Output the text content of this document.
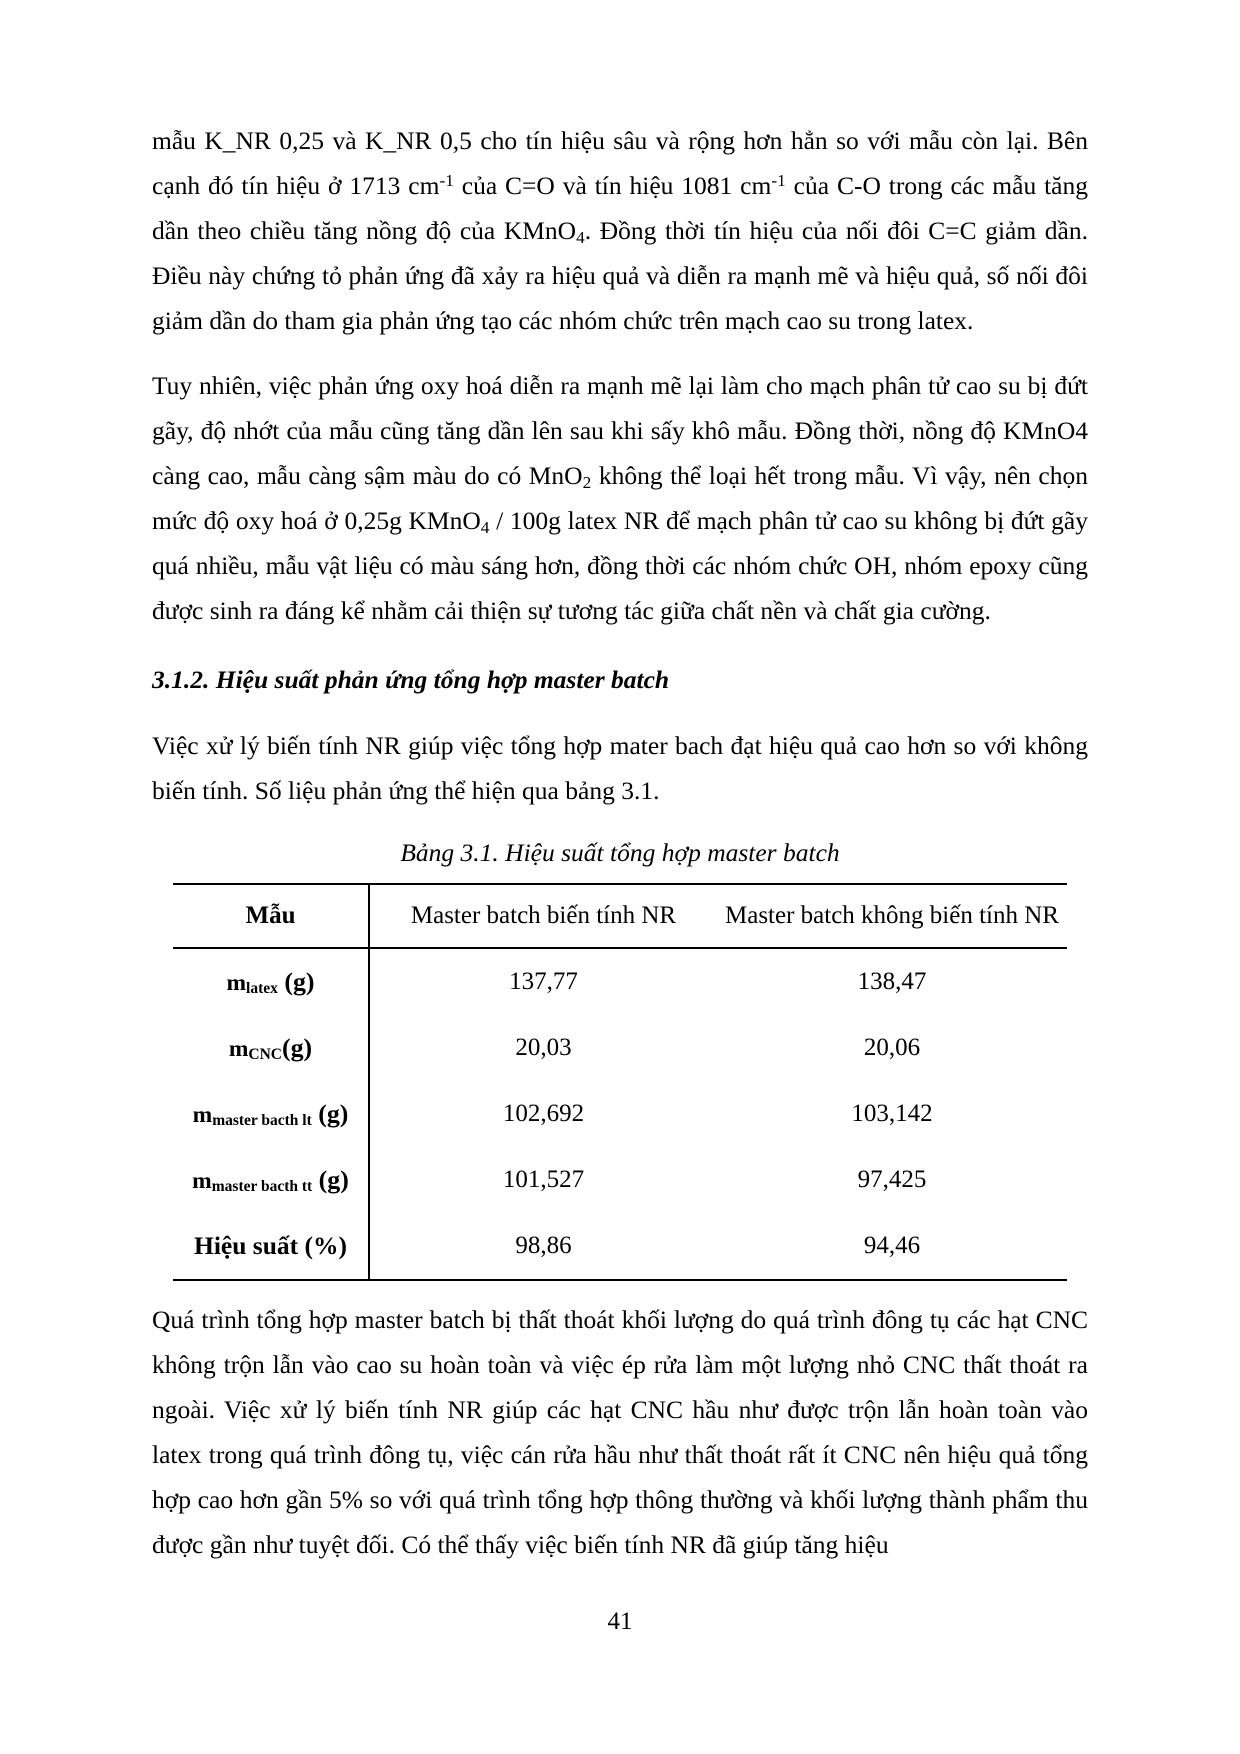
mẫu K_NR 0,25 và K_NR 0,5 cho tín hiệu sâu và rộng hơn hẳn so với mẫu còn lại. Bên cạnh đó tín hiệu ở 1713 $cm^{-1}$ của C=O và tín hiệu 1081 $cm^{-1}$ của C-O trong các mẫu tăng dần theo chiều tăng nồng độ của KMnO$_4$. Đồng thời tín hiệu của nối đôi C=C giảm dần. Điều này chứng tỏ phản ứng đã xảy ra hiệu quả và diễn ra mạnh mẽ và hiệu quả, số nối đôi giảm dần do tham gia phản ứng tạo các nhóm chức trên mạch cao su trong latex.

Tuy nhiên, việc phản ứng oxy hoá diễn ra mạnh mẽ lại làm cho mạch phân tử cao su bị đứt gãy, độ nhớt của mẫu cũng tăng dần lên sau khi sấy khô mẫu. Đồng thời, nồng độ KMnO4 càng cao, mẫu càng sậm màu do có MnO$_2$ không thể loại hết trong mẫu. Vì vậy, nên chọn mức độ oxy hoá ở 0,25g KMnO$_4$ / 100g latex NR để mạch phân tử cao su không bị đứt gãy quá nhiều, mẫu vật liệu có màu sáng hơn, đồng thời các nhóm chức OH, nhóm epoxy cũng được sinh ra đáng kể nhằm cải thiện sự tương tác giữa chất nền và chất gia cường.

3.1.2. Hiệu suất phản ứng tổng hợp master batch

Việc xử lý biến tính NR giúp việc tổng hợp mater bach đạt hiệu quả cao hơn so với không biến tính. Số liệu phản ứng thể hiện qua bảng 3.1.

Bảng 3.1. Hiệu suất tổng hợp master batch
Mẫu	Master batch biến tính NR	Master batch không biến tính NR
mlatex (g)	137,77	138,47
mCNC(g)	20,03	20,06
mmaster bacth lt (g)	102,692	103,142
mmaster bacth tt (g)	101,527	97,425
Hiệu suất (%)	98,86	94,46

Quá trình tổng hợp master batch bị thất thoát khối lượng do quá trình đông tụ các hạt CNC không trộn lẫn vào cao su hoàn toàn và việc ép rửa làm một lượng nhỏ CNC thất thoát ra ngoài. Việc xử lý biến tính NR giúp các hạt CNC hầu như được trộn lẫn hoàn toàn vào latex trong quá trình đông tụ, việc cán rửa hầu như thất thoát rất ít CNC nên hiệu quả tổng hợp cao hơn gần 5% so với quá trình tổng hợp thông thường và khối lượng thành phẩm thu được gần như tuyệt đối. Có thể thấy việc biến tính NR đã giúp tăng hiệu

41
